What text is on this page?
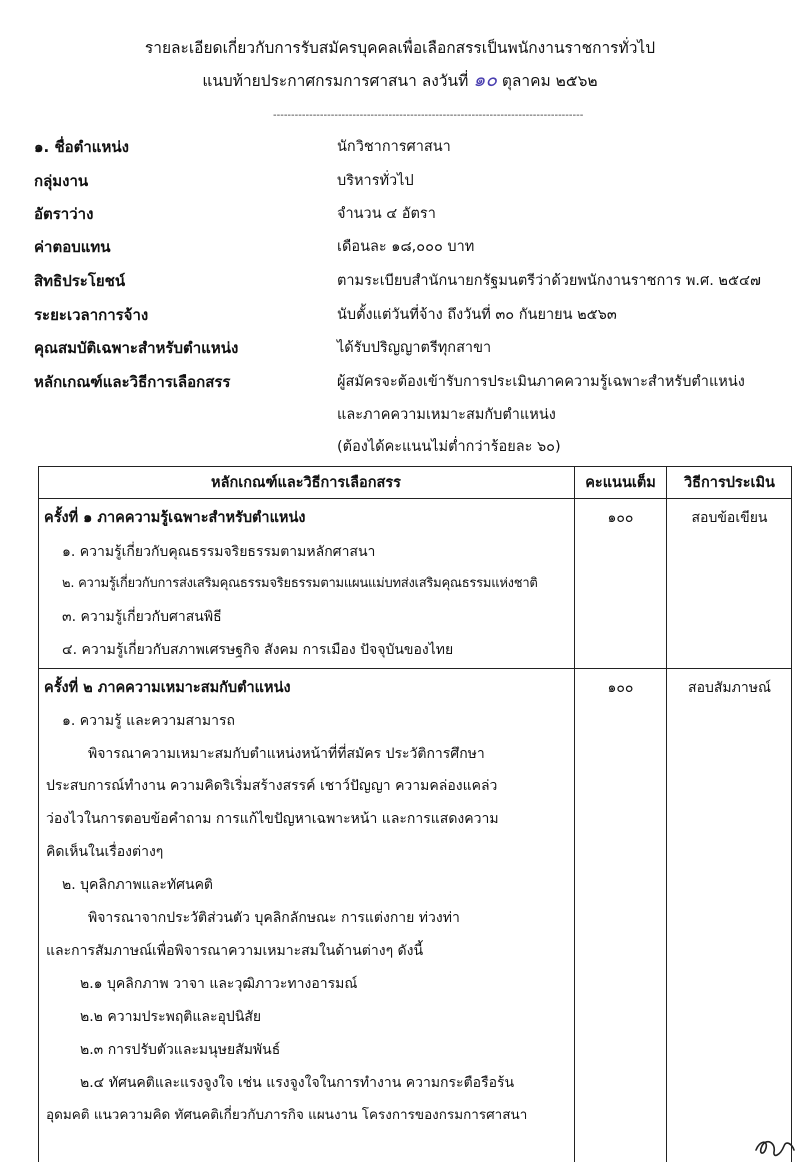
รายละเอียดเกี่ยวกับการรับสมัครบุคคลเพื่อเลือกสรรเป็นพนักงานราชการทั่วไป
แนบท้ายประกาศกรมการศาสนา ลงวันที่ ๑๐ ตุลาคม ๒๕๖๒
--------------------------------------------------------------------------------------
๑. ชื่อตำแหน่ง	นักวิชาการศาสนา
กลุ่มงาน	บริหารทั่วไป
อัตราว่าง	จำนวน ๔ อัตรา
ค่าตอบแทน	เดือนละ ๑๘,๐๐๐ บาท
สิทธิประโยชน์	ตามระเบียบสำนักนายกรัฐมนตรีว่าด้วยพนักงานราชการ พ.ศ. ๒๕๔๗
ระยะเวลาการจ้าง	นับตั้งแต่วันที่จ้าง ถึงวันที่ ๓๐ กันยายน ๒๕๖๓
คุณสมบัติเฉพาะสำหรับตำแหน่ง	ได้รับปริญญาตรีทุกสาขา
หลักเกณฑ์และวิธีการเลือกสรร	ผู้สมัครจะต้องเข้ารับการประเมินภาคความรู้เฉพาะสำหรับตำแหน่ง
และภาคความเหมาะสมกับตำแหน่ง
(ต้องได้คะแนนไม่ต่ำกว่าร้อยละ ๖๐)
หลักเกณฑ์และวิธีการเลือกสรร	คะแนนเต็ม	วิธีการประเมิน
ครั้งที่ ๑ ภาคความรู้เฉพาะสำหรับตำแหน่ง	๑๐๐	สอบข้อเขียน
๑. ความรู้เกี่ยวกับคุณธรรมจริยธรรมตามหลักศาสนา
๒. ความรู้เกี่ยวกับการส่งเสริมคุณธรรมจริยธรรมตามแผนแม่บทส่งเสริมคุณธรรมแห่งชาติ
๓. ความรู้เกี่ยวกับศาสนพิธี
๔. ความรู้เกี่ยวกับสภาพเศรษฐกิจ สังคม การเมือง ปัจจุบันของไทย
ครั้งที่ ๒ ภาคความเหมาะสมกับตำแหน่ง	๑๐๐	สอบสัมภาษณ์
๑. ความรู้ และความสามารถ
พิจารณาความเหมาะสมกับตำแหน่งหน้าที่ที่สมัคร ประวัติการศึกษา
ประสบการณ์ทำงาน ความคิดริเริ่มสร้างสรรค์ เชาว์ปัญญา ความคล่องแคล่ว
ว่องไวในการตอบข้อคำถาม การแก้ไขปัญหาเฉพาะหน้า และการแสดงความ
คิดเห็นในเรื่องต่างๆ
๒. บุคลิกภาพและทัศนคติ
พิจารณาจากประวัติส่วนตัว บุคลิกลักษณะ การแต่งกาย ท่วงท่า
และการสัมภาษณ์เพื่อพิจารณาความเหมาะสมในด้านต่างๆ ดังนี้
๒.๑ บุคลิกภาพ วาจา และวุฒิภาวะทางอารมณ์
๒.๒ ความประพฤติและอุปนิสัย
๒.๓ การปรับตัวและมนุษยสัมพันธ์
๒.๔ ทัศนคติและแรงจูงใจ เช่น แรงจูงใจในการทำงาน ความกระตือรือร้น
อุดมคติ แนวความคิด ทัศนคติเกี่ยวกับภารกิจ แผนงาน โครงการของกรมการศาสนา
